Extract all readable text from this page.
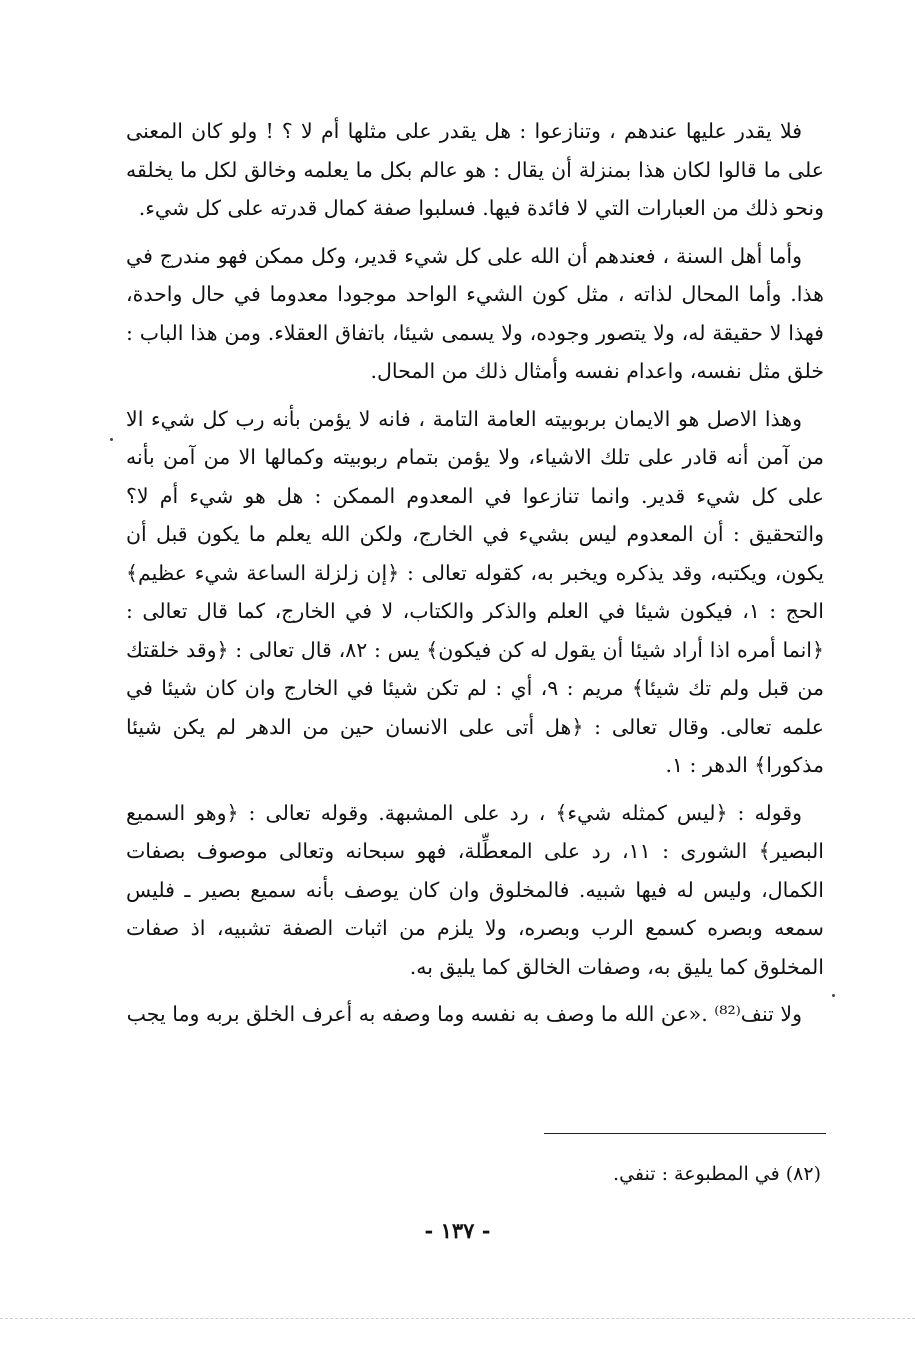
فلا يقدر عليها عندهم ، وتنازعوا : هل يقدر على مثلها أم لا ؟ ! ولو كان المعنى على ما قالوا لكان هذا بمنزلة أن يقال : هو عالم بكل ما يعلمه وخالق لكل ما يخلقه ونحو ذلك من العبارات التي لا فائدة فيها. فسلبوا صفة كمال قدرته على كل شيء.

وأما أهل السنة ، فعندهم أن الله على كل شيء قدير، وكل ممكن فهو مندرج في هذا. وأما المحال لذاته ، مثل كون الشيء الواحد موجودا معدوما في حال واحدة، فهذا لا حقيقة له، ولا يتصور وجوده، ولا يسمى شيئا، باتفاق العقلاء. ومن هذا الباب : خلق مثل نفسه، واعدام نفسه وأمثال ذلك من المحال.

وهذا الاصل هو الايمان بربوبيته العامة التامة ، فانه لا يؤمن بأنه رب كل شيء الا من آمن أنه قادر على تلك الاشياء، ولا يؤمن بتمام ربوبيته وكمالها الا من آمن بأنه على كل شيء قدير. وانما تنازعوا في المعدوم الممكن : هل هو شيء أم لا؟ والتحقيق : أن المعدوم ليس بشيء في الخارج، ولكن الله يعلم ما يكون قبل أن يكون، ويكتبه، وقد يذكره ويخبر به، كقوله تعالى : ﴿إن زلزلة الساعة شيء عظيم﴾ الحج : ١، فيكون شيئا في العلم والذكر والكتاب، لا في الخارج، كما قال تعالى : ﴿انما أمره اذا أراد شيئا أن يقول له كن فيكون﴾ يس : ٨٢، قال تعالى : ﴿وقد خلقتك من قبل ولم تك شيئا﴾ مريم : ٩، أي : لم تكن شيئا في الخارج وان كان شيئا في علمه تعالى. وقال تعالى : ﴿هل أتى على الانسان حين من الدهر لم يكن شيئا مذكورا﴾ الدهر : ١.

وقوله : ﴿ليس كمثله شيء﴾ ، رد على المشبهة. وقوله تعالى : ﴿وهو السميع البصير﴾ الشورى : ١١، رد على المعطِّلة، فهو سبحانه وتعالى موصوف بصفات الكمال، وليس له فيها شبيه. فالمخلوق وان كان يوصف بأنه سميع بصير ـ فليس سمعه وبصره كسمع الرب وبصره، ولا يلزم من اثبات الصفة تشبيه، اذ صفات المخلوق كما يليق به، وصفات الخالق كما يليق به.

ولا تنف⁽⁸²⁾ .«عن الله ما وصف به نفسه وما وصفه به أعرف الخلق بربه وما يجب

(٨٢) في المطبوعة : تنفي.
- ١٣٧ -
